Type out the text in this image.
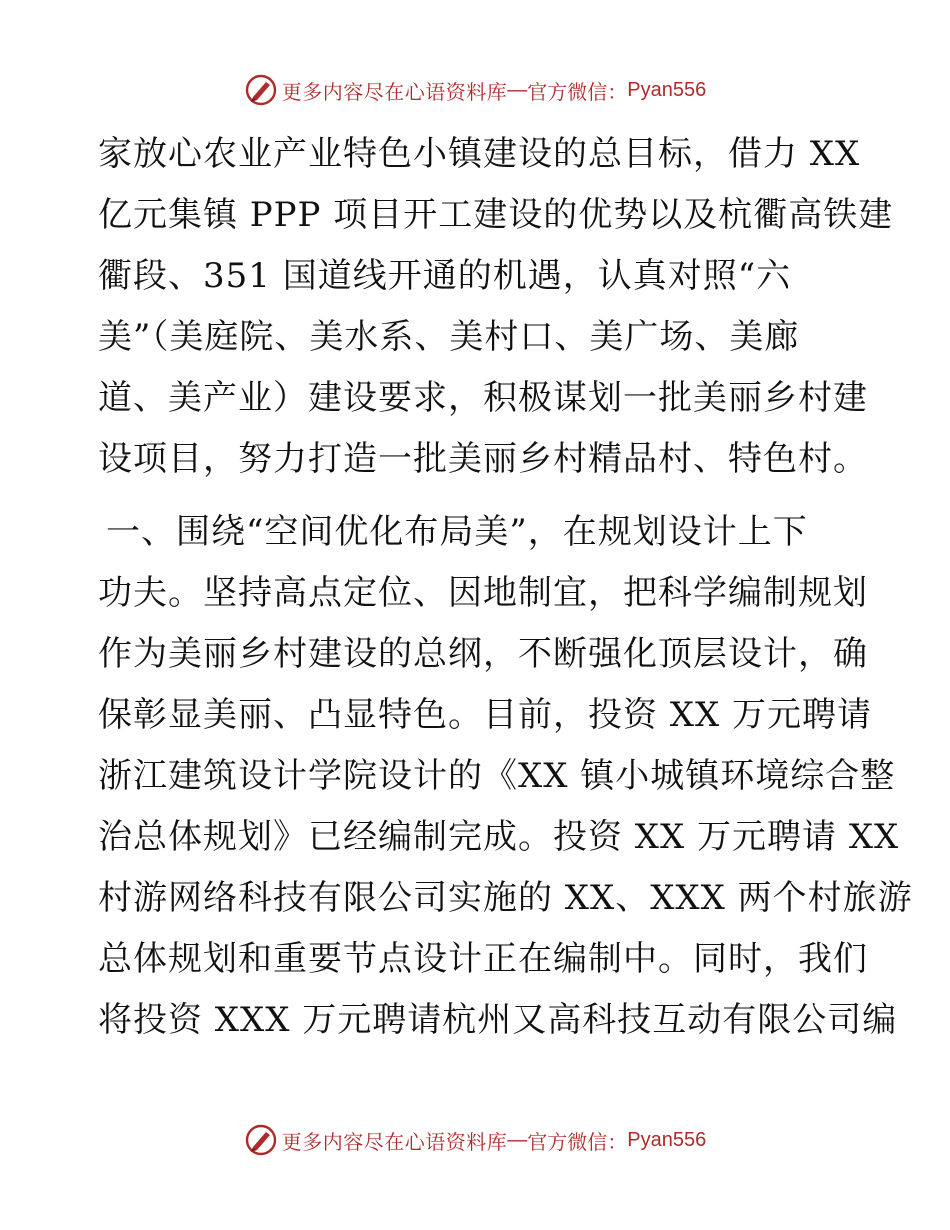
更多内容尽在心语资料库 — 官方微信： Pyan556
家放心农业产业特色小镇建设的总目标，借力 XX
亿元集镇 PPP 项目开工建设的优势以及杭衢高铁建
衢段、351 国道线开通的机遇，认真对照“六
美”（美庭院、美水系、美村口、美广场、美廊
道、美产业）建设要求，积极谋划一批美丽乡村建
设项目，努力打造一批美丽乡村精品村、特色村。
一、围绕“空间优化布局美”，在规划设计上下
功夫。坚持高点定位、因地制宜，把科学编制规划
作为美丽乡村建设的总纲，不断强化顶层设计，确
保彰显美丽、凸显特色。目前，投资 XX 万元聘请
浙江建筑设计学院设计的《XX 镇小城镇环境综合整
治总体规划》已经编制完成。投资 XX 万元聘请 XX
村游网络科技有限公司实施的 XX、XXX 两个村旅游
总体规划和重要节点设计正在编制中。同时，我们
将投资 XXX 万元聘请杭州又高科技互动有限公司编
更多内容尽在心语资料库 — 官方微信： Pyan556
